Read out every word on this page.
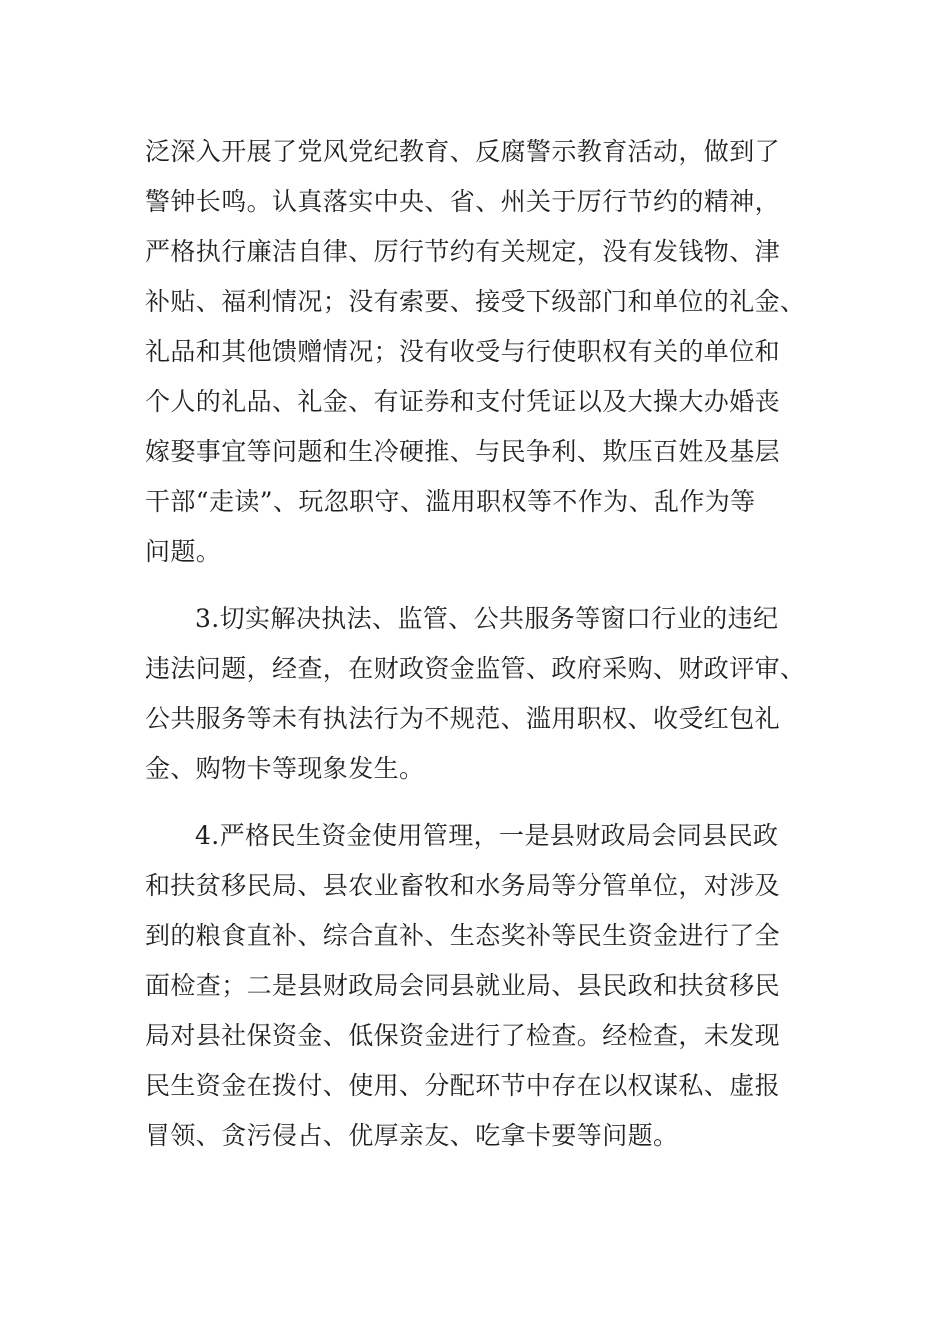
泛深入开展了党风党纪教育、反腐警示教育活动，做到了
警钟长鸣。认真落实中央、省、州关于厉行节约的精神，
严格执行廉洁自律、厉行节约有关规定，没有发钱物、津
补贴、福利情况；没有索要、接受下级部门和单位的礼金、
礼品和其他馈赠情况；没有收受与行使职权有关的单位和
个人的礼品、礼金、有证券和支付凭证以及大操大办婚丧
嫁娶事宜等问题和生冷硬推、与民争利、欺压百姓及基层
干部“走读”、玩忽职守、滥用职权等不作为、乱作为等
问题。

3.切实解决执法、监管、公共服务等窗口行业的违纪
违法问题，经查，在财政资金监管、政府采购、财政评审、
公共服务等未有执法行为不规范、滥用职权、收受红包礼
金、购物卡等现象发生。

4.严格民生资金使用管理，一是县财政局会同县民政
和扶贫移民局、县农业畜牧和水务局等分管单位，对涉及
到的粮食直补、综合直补、生态奖补等民生资金进行了全
面检查；二是县财政局会同县就业局、县民政和扶贫移民
局对县社保资金、低保资金进行了检查。经检查，未发现
民生资金在拨付、使用、分配环节中存在以权谋私、虚报
冒领、贪污侵占、优厚亲友、吃拿卡要等问题。
